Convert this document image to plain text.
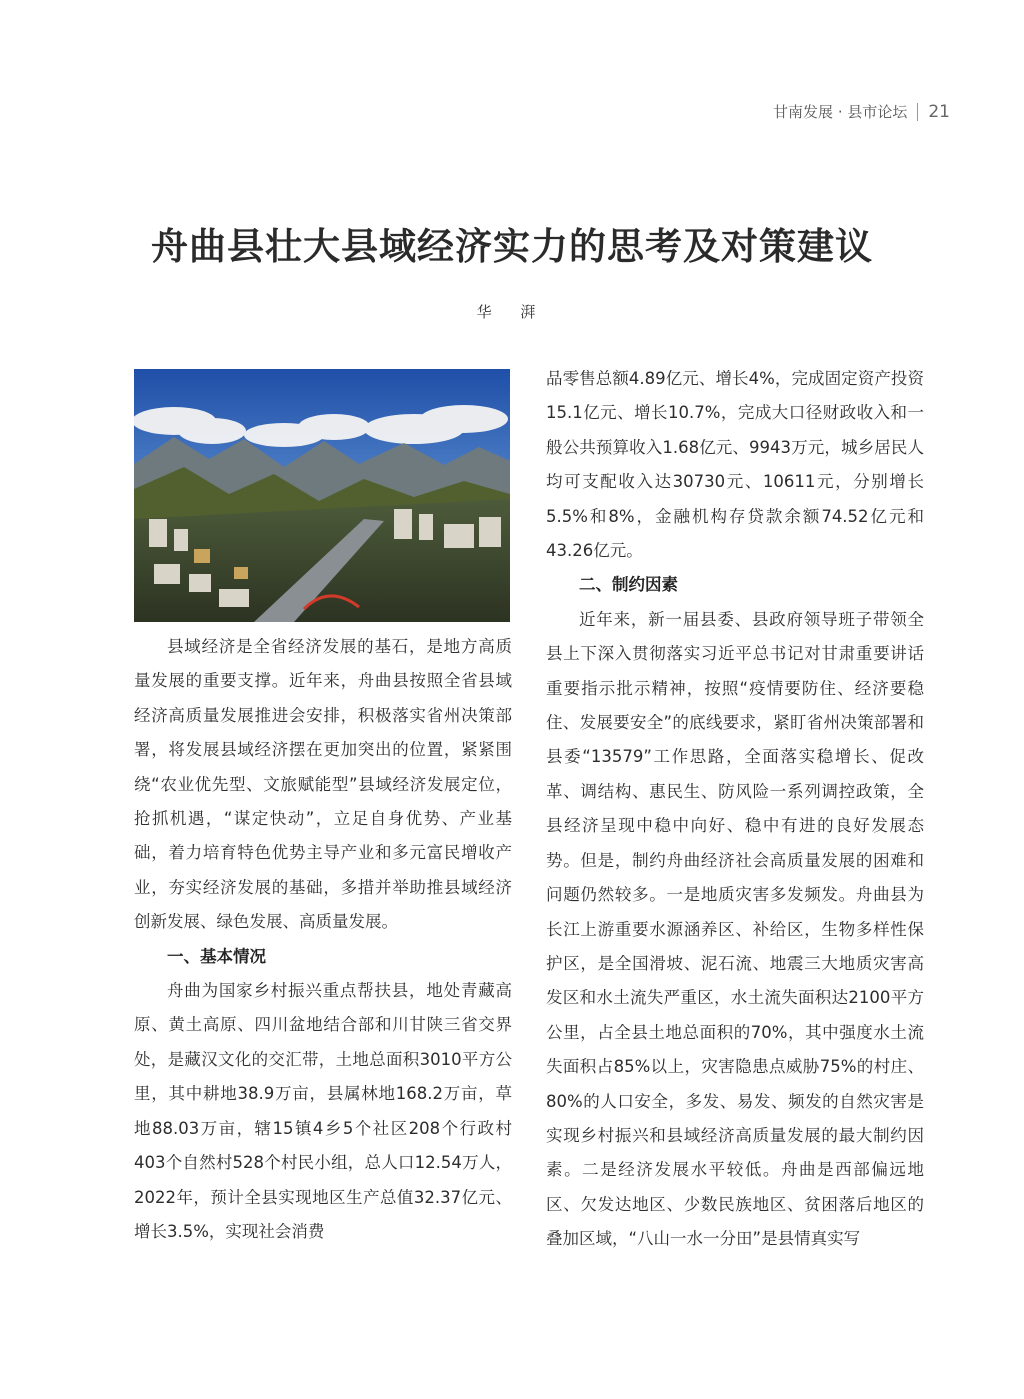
甘南发展 · 县市论坛 21
舟曲县壮大县域经济实力的思考及对策建议
华 湃

县域经济是全省经济发展的基石，是地方高质量发展的重要支撑。近年来，舟曲县按照全省县域经济高质量发展推进会安排，积极落实省州决策部署，将发展县域经济摆在更加突出的位置，紧紧围绕“农业优先型、文旅赋能型”县域经济发展定位，抢抓机遇，“谋定快动”，立足自身优势、产业基础，着力培育特色优势主导产业和多元富民增收产业，夯实经济发展的基础，多措并举助推县域经济创新发展、绿色发展、高质量发展。

一、基本情况

舟曲为国家乡村振兴重点帮扶县，地处青藏高原、黄土高原、四川盆地结合部和川甘陕三省交界处，是藏汉文化的交汇带，土地总面积3010平方公里，其中耕地38.9万亩，县属林地168.2万亩，草地88.03万亩，辖15镇4乡5个社区208个行政村403个自然村528个村民小组，总人口12.54万人，2022年，预计全县实现地区生产总值32.37亿元、增长3.5%，实现社会消费

品零售总额4.89亿元、增长4%，完成固定资产投资15.1亿元、增长10.7%，完成大口径财政收入和一般公共预算收入1.68亿元、9943万元，城乡居民人均可支配收入达30730元、10611元，分别增长5.5%和8%，金融机构存贷款余额74.52亿元和43.26亿元。

二、制约因素

近年来，新一届县委、县政府领导班子带领全县上下深入贯彻落实习近平总书记对甘肃重要讲话重要指示批示精神，按照“疫情要防住、经济要稳住、发展要安全”的底线要求，紧盯省州决策部署和县委“13579”工作思路，全面落实稳增长、促改革、调结构、惠民生、防风险一系列调控政策，全县经济呈现中稳中向好、稳中有进的良好发展态势。但是，制约舟曲经济社会高质量发展的困难和问题仍然较多。一是地质灾害多发频发。舟曲县为长江上游重要水源涵养区、补给区，生物多样性保护区，是全国滑坡、泥石流、地震三大地质灾害高发区和水土流失严重区，水土流失面积达2100平方公里，占全县土地总面积的70%，其中强度水土流失面积占85%以上，灾害隐患点威胁75%的村庄、80%的人口安全，多发、易发、频发的自然灾害是实现乡村振兴和县域经济高质量发展的最大制约因素。二是经济发展水平较低。舟曲是西部偏远地区、欠发达地区、少数民族地区、贫困落后地区的叠加区域，“八山一水一分田”是县情真实写
